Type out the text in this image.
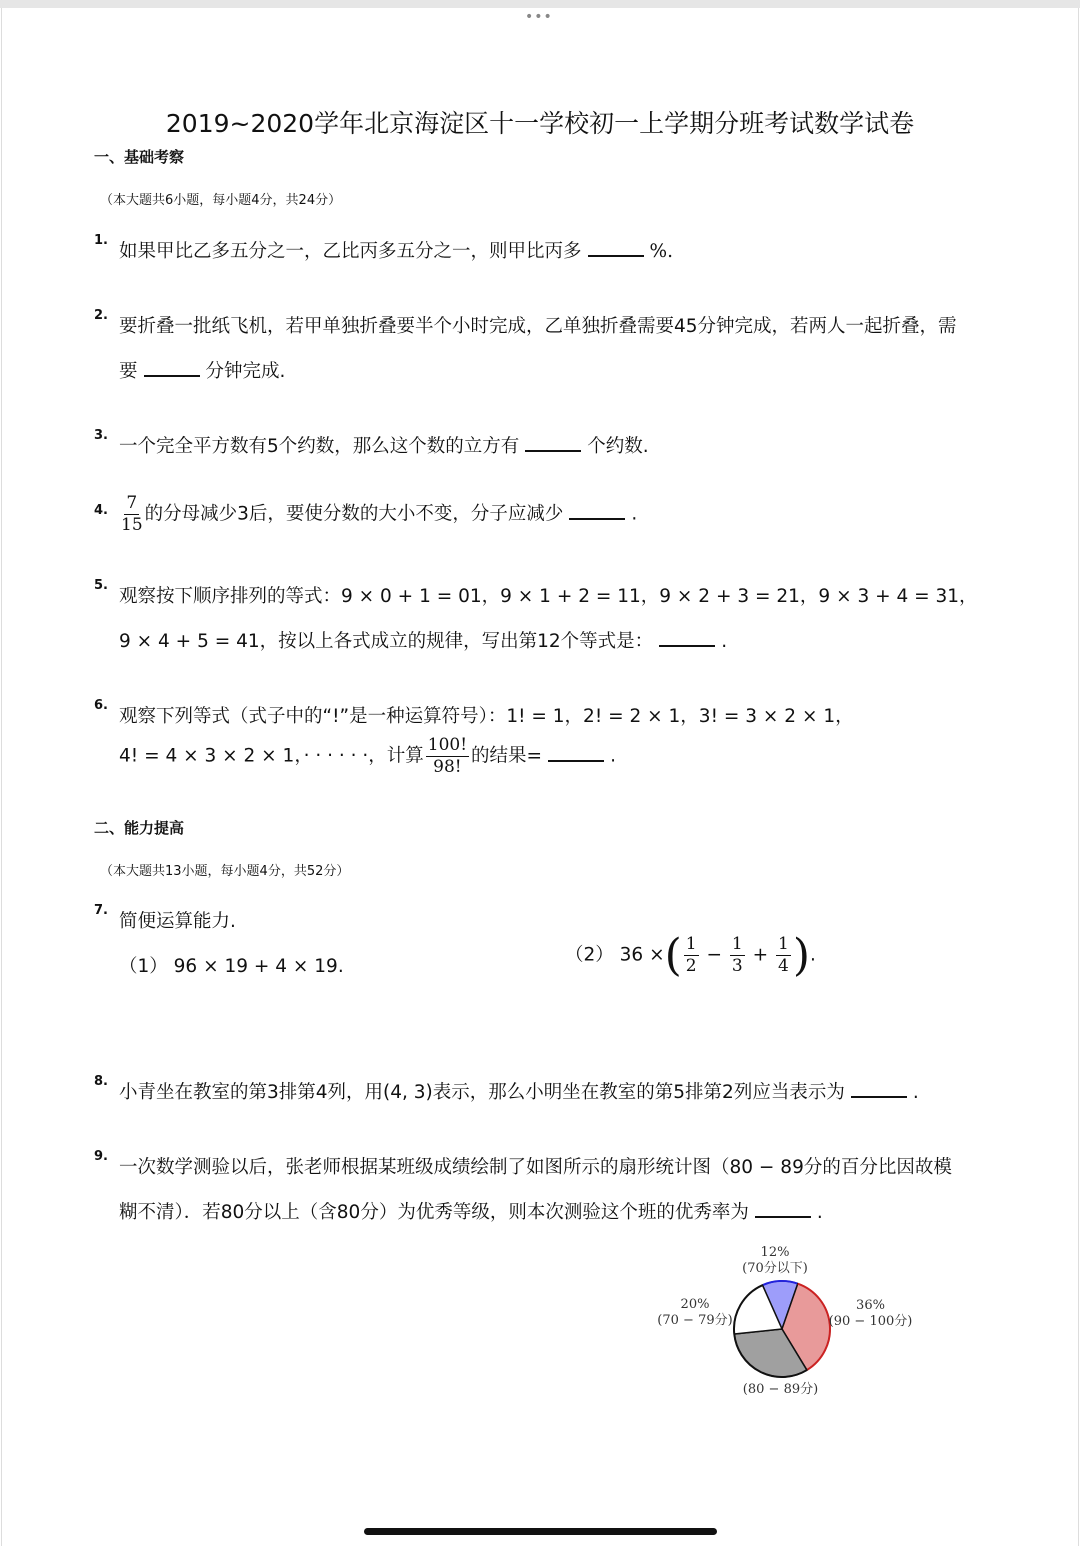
•••
2019~2020学年北京海淀区十一学校初一上学期分班考试数学试卷
一、基础考察
（本大题共6小题，每小题4分，共24分）
1.
如果甲比乙多五分之一，乙比丙多五分之一，则甲比丙多	%.
2.
要折叠一批纸飞机，若甲单独折叠要半个小时完成，乙单独折叠需要45分钟完成，若两人一起折叠，需
要	分钟完成.
3.
一个完全平方数有5个约数，那么这个数的立方有	个约数.
4. $\frac{7}{15}$ 的分母减少3后，要使分数的大小不变，分子应减少	.
5.
观察按下顺序排列的等式：9 × 0 + 1 = 01，9 × 1 + 2 = 11，9 × 2 + 3 = 21，9 × 3 + 4 = 31，
9 × 4 + 5 = 41，按以上各式成立的规律，写出第12个等式是：	.
6.
观察下列等式（式子中的“!”是一种运算符号）：1! = 1，2! = 2 × 1，3! = 3 × 2 × 1，
4! = 4 × 3 × 2 × 1，· · · · · ·，计算 $\frac{100!}{98!}$ 的结果=	.
二、能力提高
（本大题共13小题，每小题4分，共52分）
7.
简便运算能力.
（1） 96 × 19 + 4 × 19.
（2） 36 ×( $\frac{1}{2} - \frac{1}{3} + \frac{1}{4}$ ).
8.
小青坐在教室的第3排第4列，用(4, 3)表示，那么小明坐在教室的第5排第2列应当表示为	.
9.
一次数学测验以后，张老师根据某班级成绩绘制了如图所示的扇形统计图（80 − 89分的百分比因故模
糊不清）．若80分以上（含80分）为优秀等级，则本次测验这个班的优秀率为	.
12%
(70分以下)
36%
(90 − 100分)
(80 − 89分)
20%
(70 − 79分)
